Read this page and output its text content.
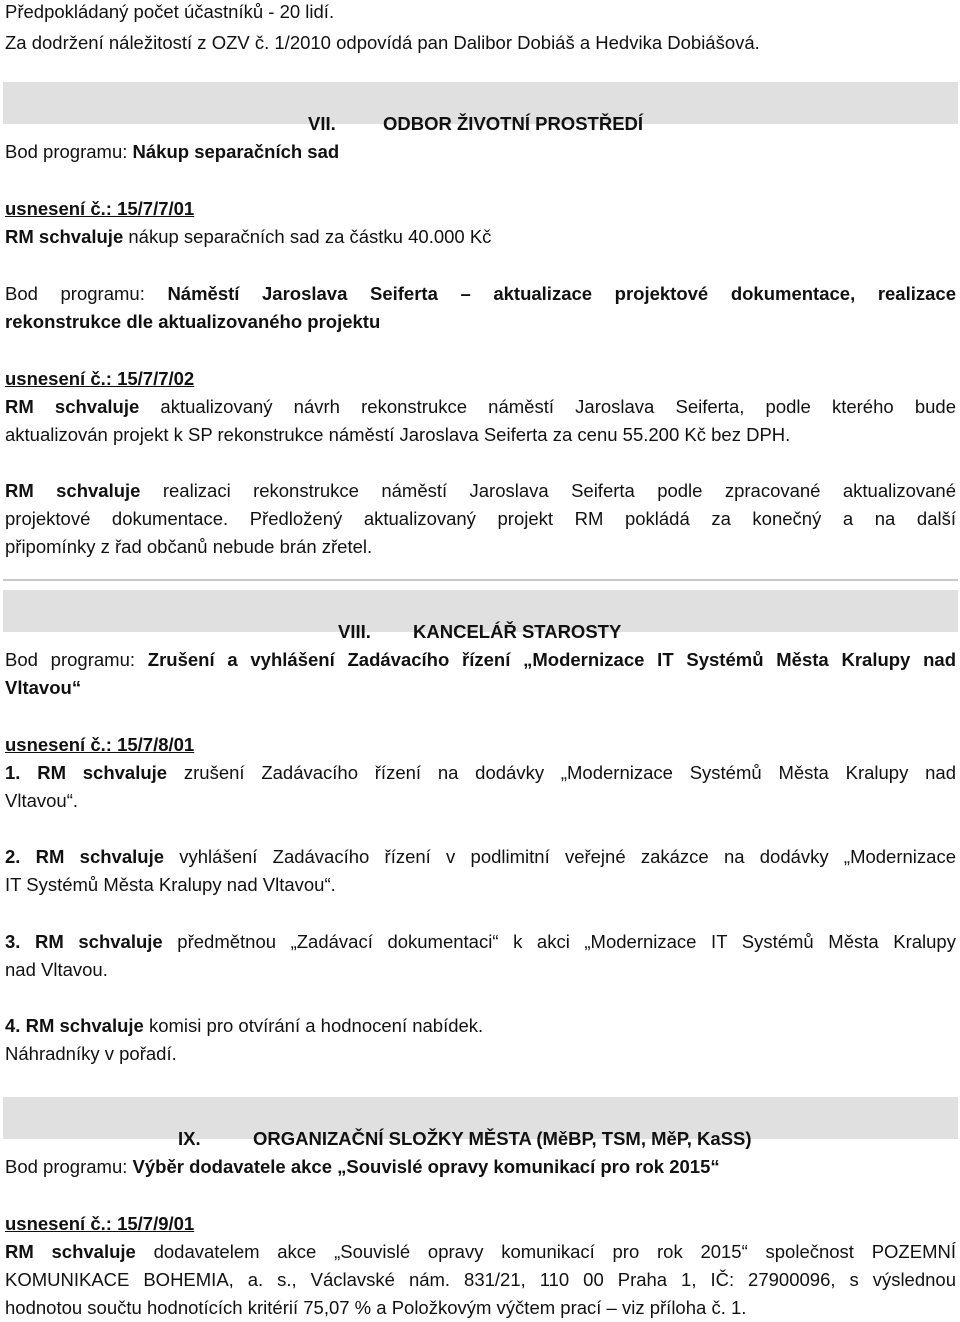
Předpokládaný počet účastníků - 20 lidí.
Za dodržení náležitostí z OZV č. 1/2010 odpovídá pan Dalibor Dobiáš a Hedvika Dobiášová.
VII.	ODBOR ŽIVOTNÍ PROSTŘEDÍ
Bod programu: Nákup separačních sad
usnesení č.: 15/7/7/01
RM schvaluje nákup separačních sad za částku 40.000 Kč
Bod programu: Náměstí Jaroslava Seiferta – aktualizace projektové dokumentace, realizace
rekonstrukce dle aktualizovaného projektu
usnesení č.: 15/7/7/02
RM schvaluje aktualizovaný návrh rekonstrukce náměstí Jaroslava Seiferta, podle kterého bude
aktualizován projekt k SP rekonstrukce náměstí Jaroslava Seiferta za cenu 55.200 Kč bez DPH.
RM schvaluje realizaci rekonstrukce náměstí Jaroslava Seiferta podle zpracované aktualizované
projektové dokumentace. Předložený aktualizovaný projekt RM pokládá za konečný a na další
připomínky z řad občanů nebude brán zřetel.
VIII. KANCELÁŘ STAROSTY
Bod programu: Zrušení a vyhlášení Zadávacího řízení „Modernizace IT Systémů Města Kralupy nad
Vltavou“
usnesení č.: 15/7/8/01
1. RM schvaluje zrušení Zadávacího řízení na dodávky „Modernizace Systémů Města Kralupy nad
Vltavou“.
2. RM schvaluje vyhlášení Zadávacího řízení v podlimitní veřejné zakázce na dodávky „Modernizace
IT Systémů Města Kralupy nad Vltavou“.
3. RM schvaluje předmětnou „Zadávací dokumentaci“ k akci „Modernizace IT Systémů Města Kralupy
nad Vltavou.
4. RM schvaluje komisi pro otvírání a hodnocení nabídek.
Náhradníky v pořadí.
IX.	ORGANIZAČNÍ SLOŽKY MĚSTA (MěBP, TSM, MěP, KaSS)
Bod programu: Výběr dodavatele akce „Souvislé opravy komunikací pro rok 2015“
usnesení č.: 15/7/9/01
RM schvaluje dodavatelem akce „Souvislé opravy komunikací pro rok 2015“ společnost POZEMNÍ
KOMUNIKACE BOHEMIA, a. s., Václavské nám. 831/21, 110 00 Praha 1, IČ: 27900096, s výslednou
hodnotou součtu hodnotících kritérií 75,07 % a Položkovým výčtem prací – viz příloha č. 1.
